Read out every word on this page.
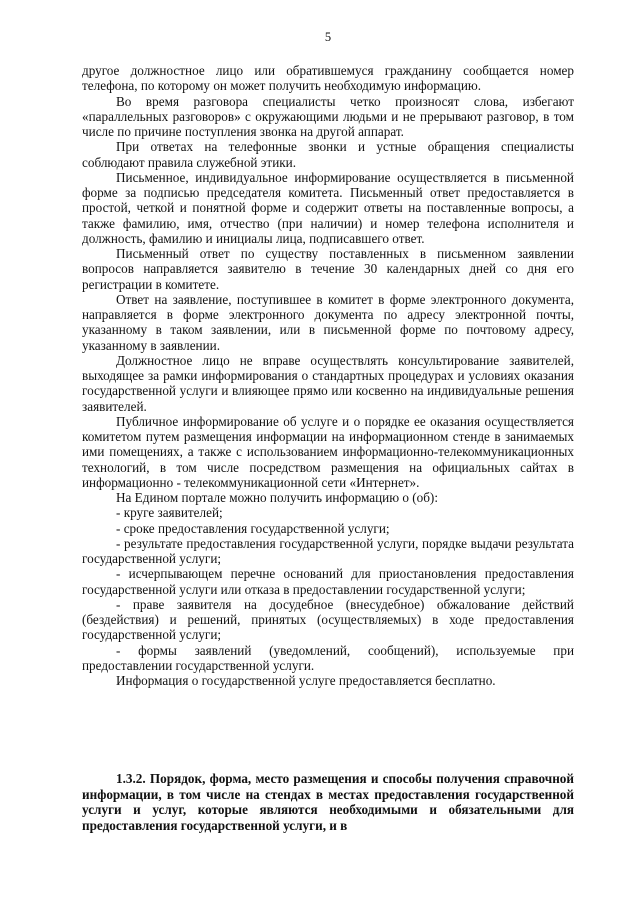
5

другое должностное лицо или обратившемуся гражданину сообщается номер телефона, по которому он может получить необходимую информацию.

Во время разговора специалисты четко произносят слова, избегают «параллельных разговоров» с окружающими людьми и не прерывают разговор, в том числе по причине поступления звонка на другой аппарат.

При ответах на телефонные звонки и устные обращения специалисты соблюдают правила служебной этики.

Письменное, индивидуальное информирование осуществляется в письменной форме за подписью председателя комитета. Письменный ответ предоставляется в простой, четкой и понятной форме и содержит ответы на поставленные вопросы, а также фамилию, имя, отчество (при наличии) и номер телефона исполнителя и должность, фамилию и инициалы лица, подписавшего ответ.

Письменный ответ по существу поставленных в письменном заявлении вопросов направляется заявителю в течение 30 календарных дней со дня его регистрации в комитете.

Ответ на заявление, поступившее в комитет в форме электронного документа, направляется в форме электронного документа по адресу электронной почты, указанному в таком заявлении, или в письменной форме по почтовому адресу, указанному в заявлении.

Должностное лицо не вправе осуществлять консультирование заявителей, выходящее за рамки информирования о стандартных процедурах и условиях оказания государственной услуги и влияющее прямо или косвенно на индивидуальные решения заявителей.

Публичное информирование об услуге и о порядке ее оказания осуществляется комитетом путем размещения информации на информационном стенде в занимаемых ими помещениях, а также с использованием информационно-телекоммуникационных технологий, в том числе посредством размещения на официальных сайтах в информационно - телекоммуникационной сети «Интернет».

На Едином портале можно получить информацию о (об):

- круге заявителей;

- сроке предоставления государственной услуги;

- результате предоставления государственной услуги, порядке выдачи результата государственной услуги;

- исчерпывающем перечне оснований для приостановления предоставления государственной услуги или отказа в предоставлении государственной услуги;

- праве заявителя на досудебное (внесудебное) обжалование действий (бездействия) и решений, принятых (осуществляемых) в ходе предоставления государственной услуги;

- формы заявлений (уведомлений, сообщений), используемые при предоставлении государственной услуги.

Информация о государственной услуге предоставляется бесплатно.

1.3.2. Порядок, форма, место размещения и способы получения справочной информации, в том числе на стендах в местах предоставления государственной услуги и услуг, которые являются необходимыми и обязательными для предоставления государственной услуги, и в
